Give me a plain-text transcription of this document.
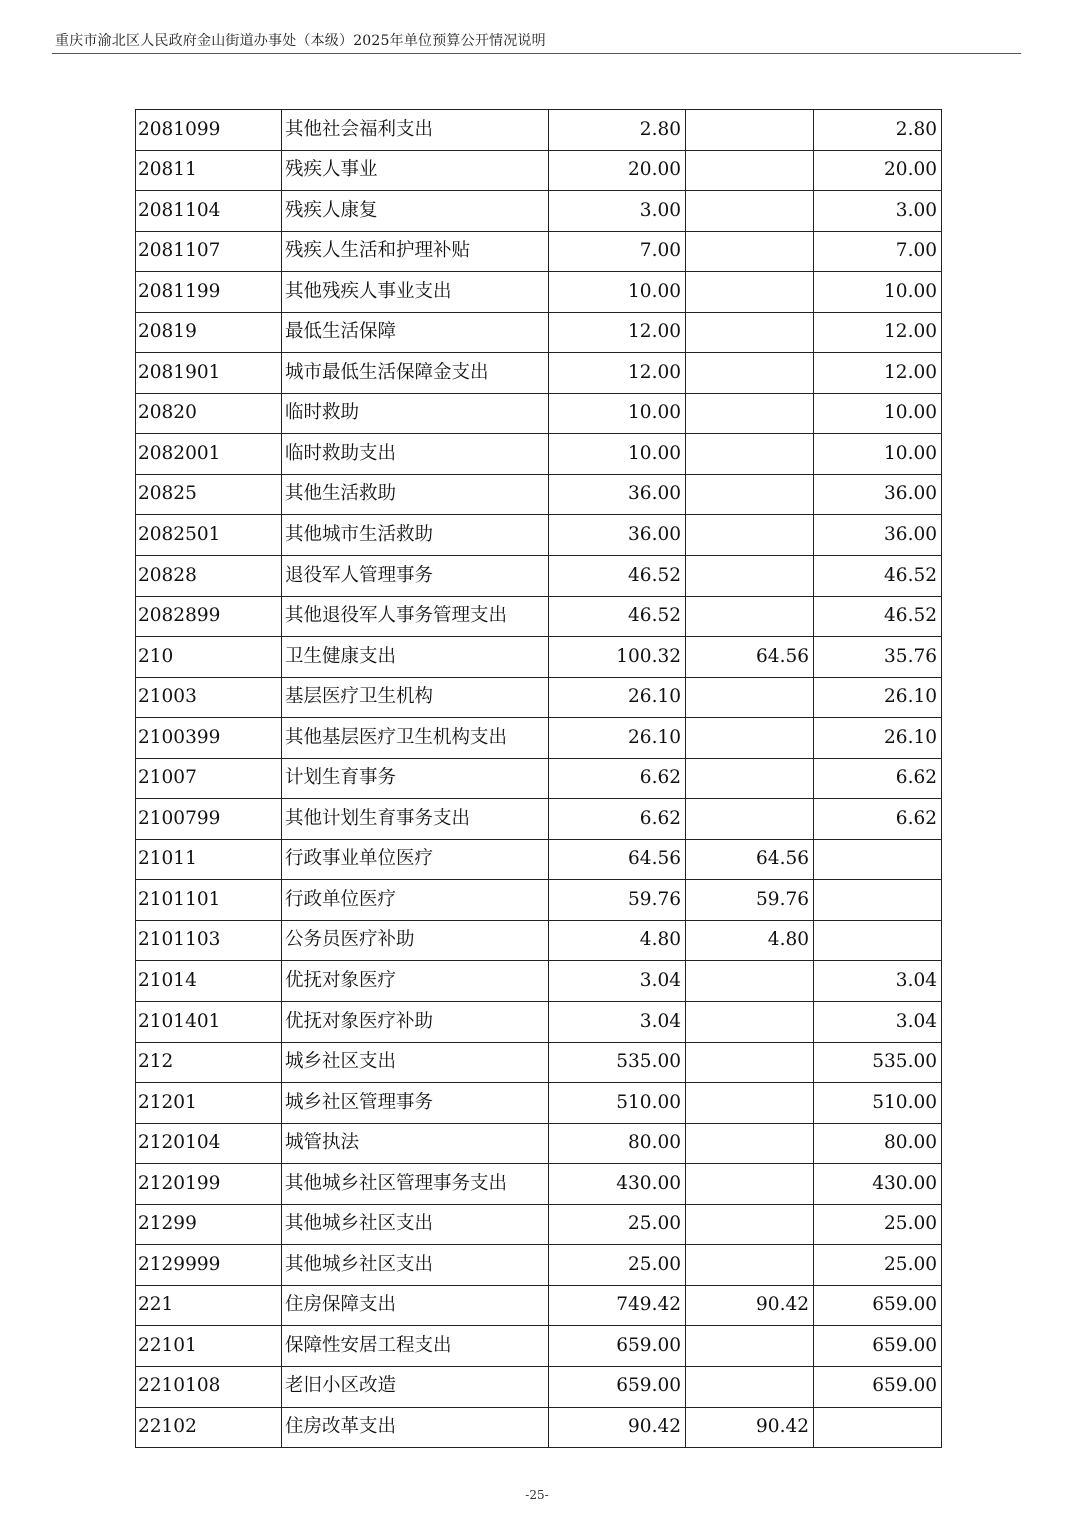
重庆市渝北区人民政府金山街道办事处（本级）2025年单位预算公开情况说明
2081099	其他社会福利支出	2.80		2.80
20811	残疾人事业	20.00		20.00
2081104	残疾人康复	3.00		3.00
2081107	残疾人生活和护理补贴	7.00		7.00
2081199	其他残疾人事业支出	10.00		10.00
20819	最低生活保障	12.00		12.00
2081901	城市最低生活保障金支出	12.00		12.00
20820	临时救助	10.00		10.00
2082001	临时救助支出	10.00		10.00
20825	其他生活救助	36.00		36.00
2082501	其他城市生活救助	36.00		36.00
20828	退役军人管理事务	46.52		46.52
2082899	其他退役军人事务管理支出	46.52		46.52
210	卫生健康支出	100.32	64.56	35.76
21003	基层医疗卫生机构	26.10		26.10
2100399	其他基层医疗卫生机构支出	26.10		26.10
21007	计划生育事务	6.62		6.62
2100799	其他计划生育事务支出	6.62		6.62
21011	行政事业单位医疗	64.56	64.56	
2101101	行政单位医疗	59.76	59.76	
2101103	公务员医疗补助	4.80	4.80	
21014	优抚对象医疗	3.04		3.04
2101401	优抚对象医疗补助	3.04		3.04
212	城乡社区支出	535.00		535.00
21201	城乡社区管理事务	510.00		510.00
2120104	城管执法	80.00		80.00
2120199	其他城乡社区管理事务支出	430.00		430.00
21299	其他城乡社区支出	25.00		25.00
2129999	其他城乡社区支出	25.00		25.00
221	住房保障支出	749.42	90.42	659.00
22101	保障性安居工程支出	659.00		659.00
2210108	老旧小区改造	659.00		659.00
22102	住房改革支出	90.42	90.42	
-25-
